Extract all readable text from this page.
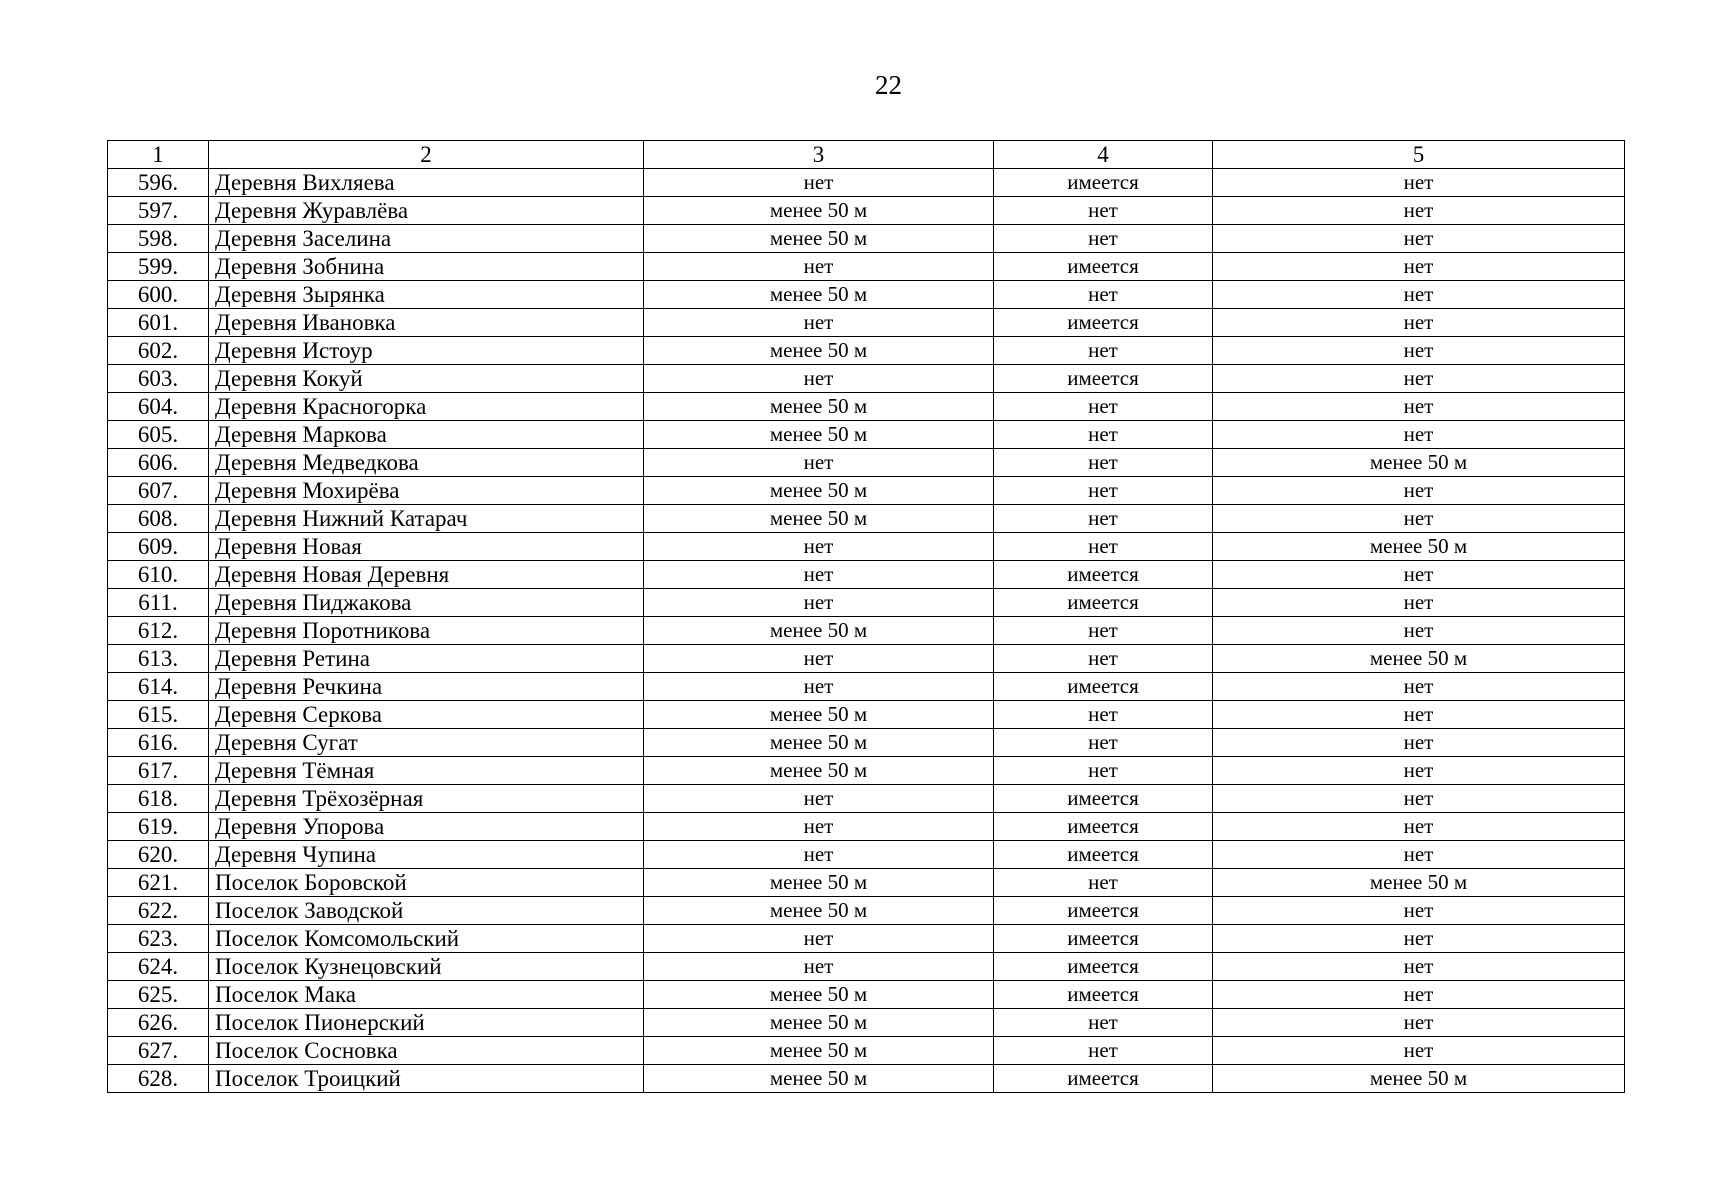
22
1	2	3	4	5
596.	Деревня Вихляева	нет	имеется	нет
597.	Деревня Журавлёва	менее 50 м	нет	нет
598.	Деревня Заселина	менее 50 м	нет	нет
599.	Деревня Зобнина	нет	имеется	нет
600.	Деревня Зырянка	менее 50 м	нет	нет
601.	Деревня Ивановка	нет	имеется	нет
602.	Деревня Истоур	менее 50 м	нет	нет
603.	Деревня Кокуй	нет	имеется	нет
604.	Деревня Красногорка	менее 50 м	нет	нет
605.	Деревня Маркова	менее 50 м	нет	нет
606.	Деревня Медведкова	нет	нет	менее 50 м
607.	Деревня Мохирёва	менее 50 м	нет	нет
608.	Деревня Нижний Катарач	менее 50 м	нет	нет
609.	Деревня Новая	нет	нет	менее 50 м
610.	Деревня Новая Деревня	нет	имеется	нет
611.	Деревня Пиджакова	нет	имеется	нет
612.	Деревня Поротникова	менее 50 м	нет	нет
613.	Деревня Ретина	нет	нет	менее 50 м
614.	Деревня Речкина	нет	имеется	нет
615.	Деревня Серкова	менее 50 м	нет	нет
616.	Деревня Сугат	менее 50 м	нет	нет
617.	Деревня Тёмная	менее 50 м	нет	нет
618.	Деревня Трёхозёрная	нет	имеется	нет
619.	Деревня Упорова	нет	имеется	нет
620.	Деревня Чупина	нет	имеется	нет
621.	Поселок Боровской	менее 50 м	нет	менее 50 м
622.	Поселок Заводской	менее 50 м	имеется	нет
623.	Поселок Комсомольский	нет	имеется	нет
624.	Поселок Кузнецовский	нет	имеется	нет
625.	Поселок Мака	менее 50 м	имеется	нет
626.	Поселок Пионерский	менее 50 м	нет	нет
627.	Поселок Сосновка	менее 50 м	нет	нет
628.	Поселок Троицкий	менее 50 м	имеется	менее 50 м
